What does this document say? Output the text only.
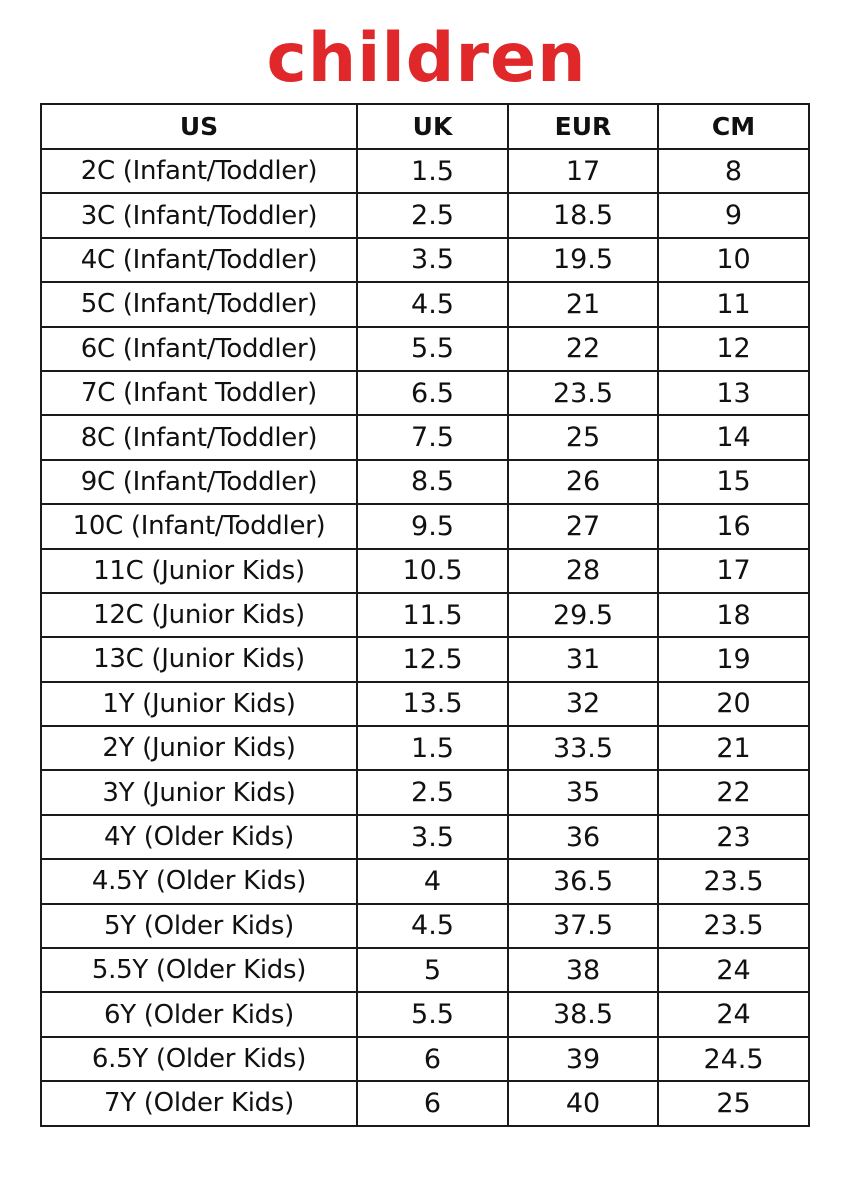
children
US	UK	EUR	CM
2C (Infant/Toddler)	1.5	17	8
3C (Infant/Toddler)	2.5	18.5	9
4C (Infant/Toddler)	3.5	19.5	10
5C (Infant/Toddler)	4.5	21	11
6C (Infant/Toddler)	5.5	22	12
7C (Infant Toddler)	6.5	23.5	13
8C (Infant/Toddler)	7.5	25	14
9C (Infant/Toddler)	8.5	26	15
10C (Infant/Toddler)	9.5	27	16
11C (Junior Kids)	10.5	28	17
12C (Junior Kids)	11.5	29.5	18
13C (Junior Kids)	12.5	31	19
1Y (Junior Kids)	13.5	32	20
2Y (Junior Kids)	1.5	33.5	21
3Y (Junior Kids)	2.5	35	22
4Y (Older Kids)	3.5	36	23
4.5Y (Older Kids)	4	36.5	23.5
5Y (Older Kids)	4.5	37.5	23.5
5.5Y (Older Kids)	5	38	24
6Y (Older Kids)	5.5	38.5	24
6.5Y (Older Kids)	6	39	24.5
7Y (Older Kids)	6	40	25
